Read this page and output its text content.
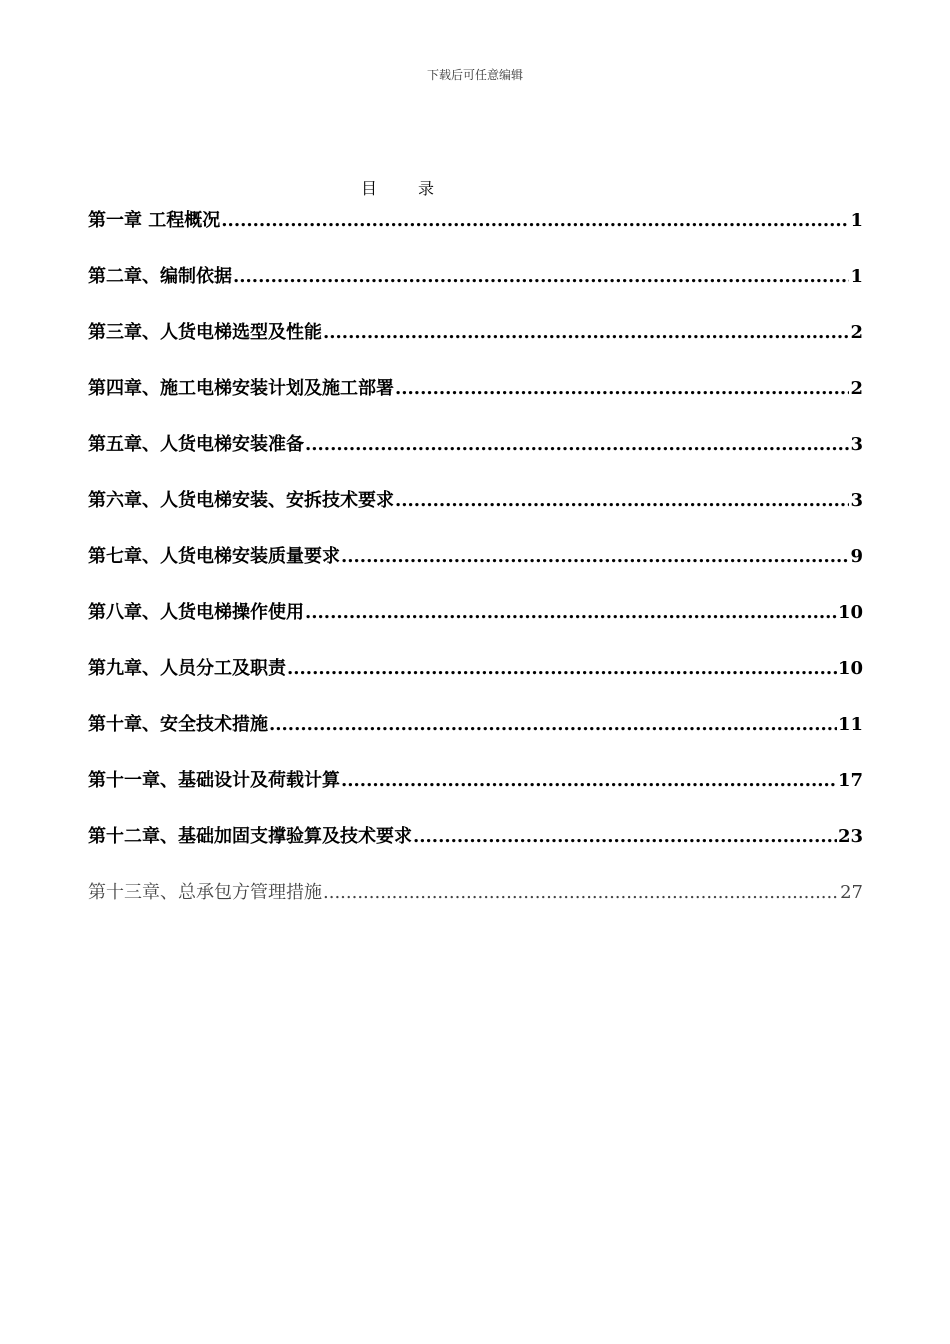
下载后可任意编辑
目 录
第一章 工程概况 .....	1
第二章、编制依据 .....	1
第三章、人货电梯选型及性能 .....	2
第四章、施工电梯安装计划及施工部署 .....	2
第五章、人货电梯安装准备 .....	3
第六章、人货电梯安装、安拆技术要求 .....	3
第七章、人货电梯安装质量要求 .....	9
第八章、人货电梯操作使用 .....	10
第九章、人员分工及职责 .....	10
第十章、安全技术措施 .....	11
第十一章、基础设计及荷载计算 .....	17
第十二章、基础加固支撑验算及技术要求 .....	23
第十三章、总承包方管理措施 .....	27
